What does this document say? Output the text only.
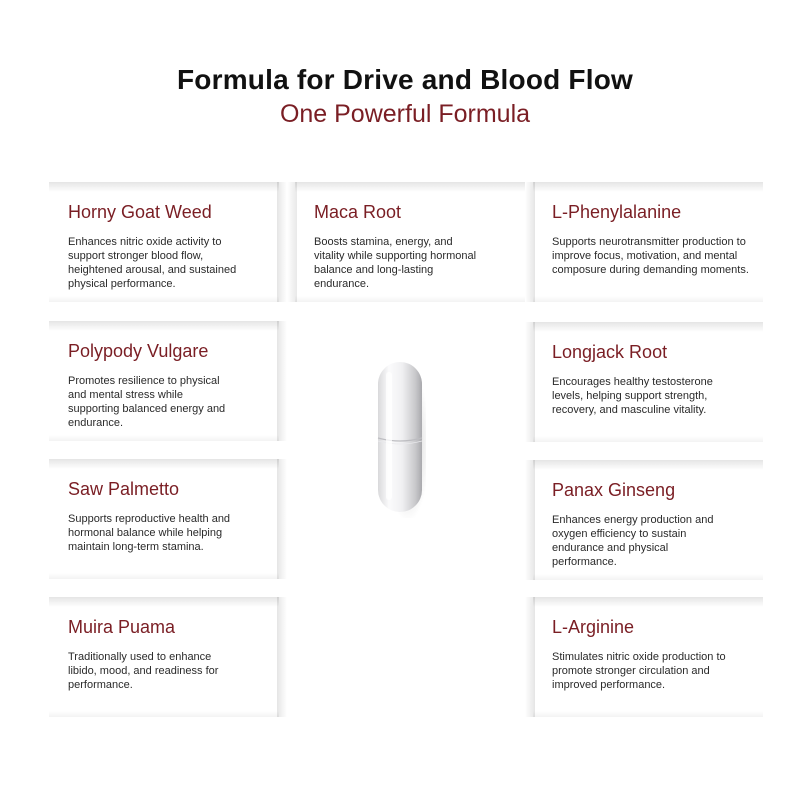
Formula for Drive and Blood Flow
One Powerful Formula

Horny Goat Weed

Enhances nitric oxide activity to support stronger blood flow, heightened arousal, and sustained physical performance.

Maca Root

Boosts stamina, energy, and vitality while supporting hormonal balance and long-lasting endurance.

L-Phenylalanine

Supports neurotransmitter production to improve focus, motivation, and mental composure during demanding moments.

Polypody Vulgare

Promotes resilience to physical and mental stress while supporting balanced energy and endurance.

Longjack Root

Encourages healthy testosterone levels, helping support strength, recovery, and masculine vitality.

Saw Palmetto

Supports reproductive health and hormonal balance while helping maintain long-term stamina.

Panax Ginseng

Enhances energy production and oxygen efficiency to sustain endurance and physical performance.

Muira Puama

Traditionally used to enhance libido, mood, and readiness for performance.

L-Arginine

Stimulates nitric oxide production to promote stronger circulation and improved performance.
